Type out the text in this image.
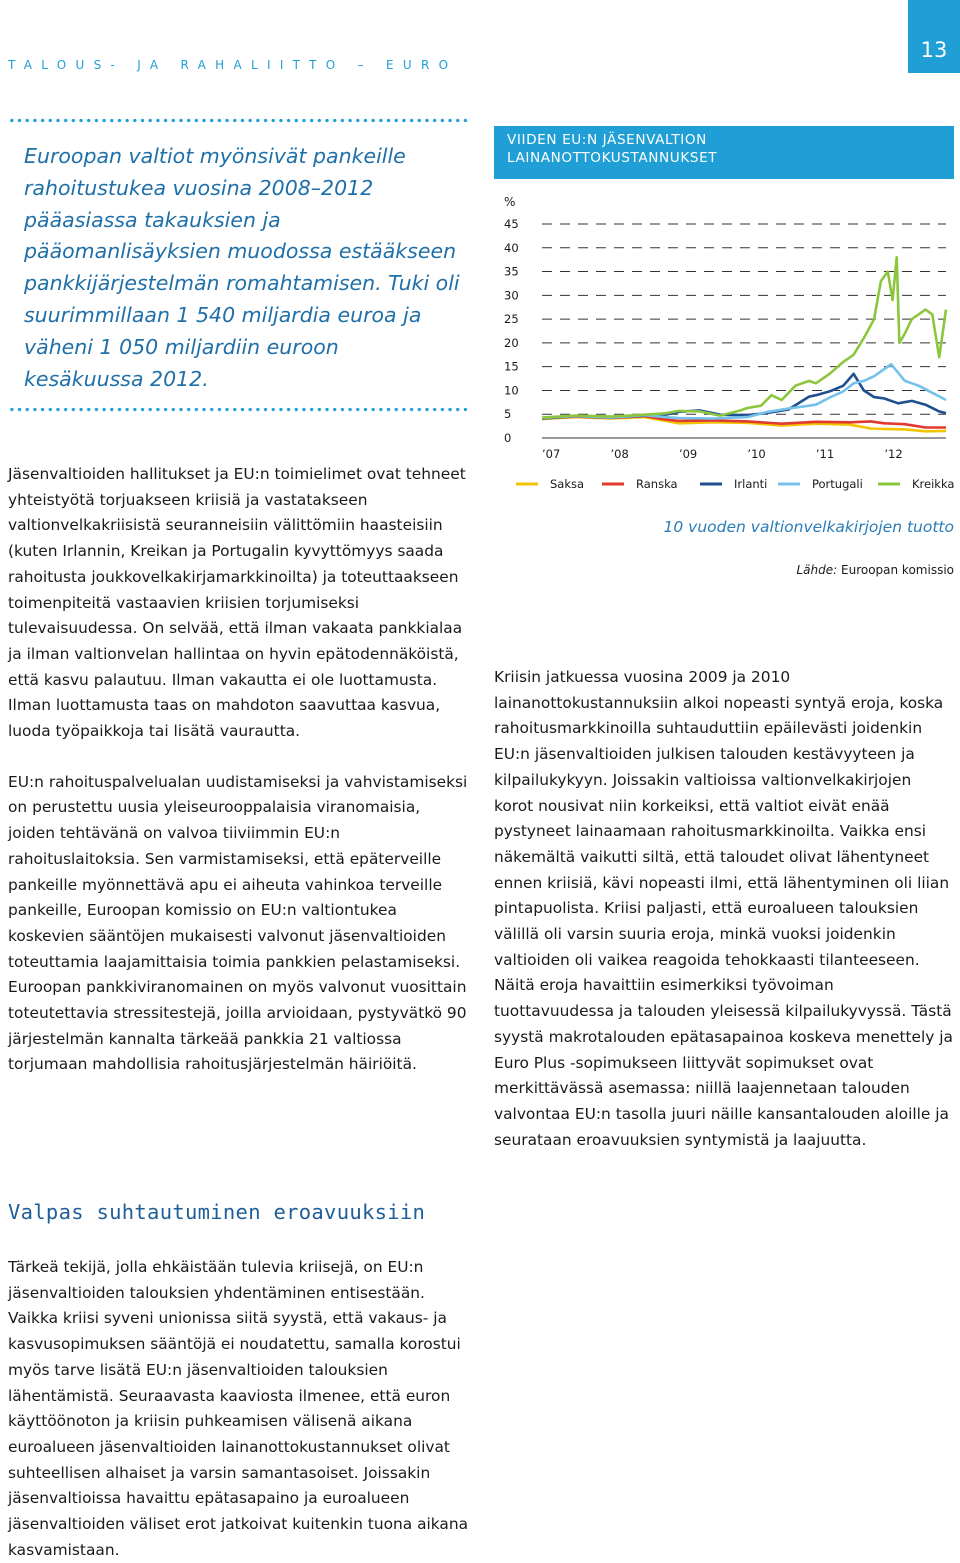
TALOUS- JA RAHALIITTO – EURO
13

Euroopan valtiot myönsivät pankeille rahoitustukea vuosina 2008–2012 pääasiassa takauksien ja pääomanlisäyksien muodossa estääkseen pankkijärjestelmän romahtamisen. Tuki oli suurimmillaan 1 540 miljardia euroa ja väheni 1 050 miljardiin euroon kesäkuussa 2012.

Jäsenvaltioiden hallitukset ja EU:n toimielimet ovat tehneet yhteistyötä torjuakseen kriisiä ja vastatakseen valtionvelkakriisistä seuranneisiin välittömiin haasteisiin (kuten Irlannin, Kreikan ja Portugalin kyvyttömyys saada rahoitusta joukkovelkakirjamarkkinoilta) ja toteuttaakseen toimenpiteitä vastaavien kriisien torjumiseksi tulevaisuudessa. On selvää, että ilman vakaata pankkialaa ja ilman valtionvelan hallintaa on hyvin epätodennäköistä, että kasvu palautuu. Ilman vakautta ei ole luottamusta. Ilman luottamusta taas on mahdoton saavuttaa kasvua, luoda työpaikkoja tai lisätä vaurautta.

EU:n rahoituspalvelualan uudistamiseksi ja vahvistamiseksi on perustettu uusia yleiseurooppalaisia viranomaisia, joiden tehtävänä on valvoa tiiviimmin EU:n rahoituslaitoksia. Sen varmistamiseksi, että epäterveille pankeille myönnettävä apu ei aiheuta vahinkoa terveille pankeille, Euroopan komissio on EU:n valtiontukea koskevien sääntöjen mukaisesti valvonut jäsenvaltioiden toteuttamia laajamittaisia toimia pankkien pelastamiseksi. Euroopan pankkiviranomainen on myös valvonut vuosittain toteutettavia stressitestejä, joilla arvioidaan, pystyvätkö 90 järjestelmän kannalta tärkeää pankkia 21 valtiossa torjumaan mahdollisia rahoitusjärjestelmän häiriöitä.

Valpas suhtautuminen eroavuuksiin

Tärkeä tekijä, jolla ehkäistään tulevia kriisejä, on EU:n jäsenvaltioiden talouksien yhdentäminen entisestään. Vaikka kriisi syveni unionissa siitä syystä, että vakaus- ja kasvusopimuksen sääntöjä ei noudatettu, samalla korostui myös tarve lisätä EU:n jäsenvaltioiden talouksien lähentämistä. Seuraavasta kaaviosta ilmenee, että euron käyttöönoton ja kriisin puhkeamisen välisenä aikana euroalueen jäsenvaltioiden lainanottokustannukset olivat suhteellisen alhaiset ja varsin samantasoiset. Joissakin jäsenvaltioissa havaittu epätasapaino ja euroalueen jäsenvaltioiden väliset erot jatkoivat kuitenkin tuona aikana kasvamistaan.

VIIDEN EU:N JÄSENVALTION LAINANOTTOKUSTANNUKSET
%
0
5
10
15
20
25
30
35
40
45
’07	’08	’09	’10	’11	’12
Saksa	Ranska	Irlanti	Portugali	Kreikka

10 vuoden valtionvelkakirjojen tuotto

Lähde: Euroopan komissio

Kriisin jatkuessa vuosina 2009 ja 2010 lainanottokustannuksiin alkoi nopeasti syntyä eroja, koska rahoitusmarkkinoilla suhtauduttiin epäilevästi joidenkin EU:n jäsenvaltioiden julkisen talouden kestävyyteen ja kilpailukykyyn. Joissakin valtioissa valtionvelkakirjojen korot nousivat niin korkeiksi, että valtiot eivät enää pystyneet lainaamaan rahoitusmarkkinoilta. Vaikka ensi näkemältä vaikutti siltä, että taloudet olivat lähentyneet ennen kriisiä, kävi nopeasti ilmi, että lähentyminen oli liian pintapuolista. Kriisi paljasti, että euroalueen talouksien välillä oli varsin suuria eroja, minkä vuoksi joidenkin valtioiden oli vaikea reagoida tehokkaasti tilanteeseen. Näitä eroja havaittiin esimerkiksi työvoiman tuottavuudessa ja talouden yleisessä kilpailukyvyssä. Tästä syystä makrotalouden epätasapainoa koskeva menettely ja Euro Plus -sopimukseen liittyvät sopimukset ovat merkittävässä asemassa: niillä laajennetaan talouden valvontaa EU:n tasolla juuri näille kansantalouden aloille ja seurataan eroavuuksien syntymistä ja laajuutta.
